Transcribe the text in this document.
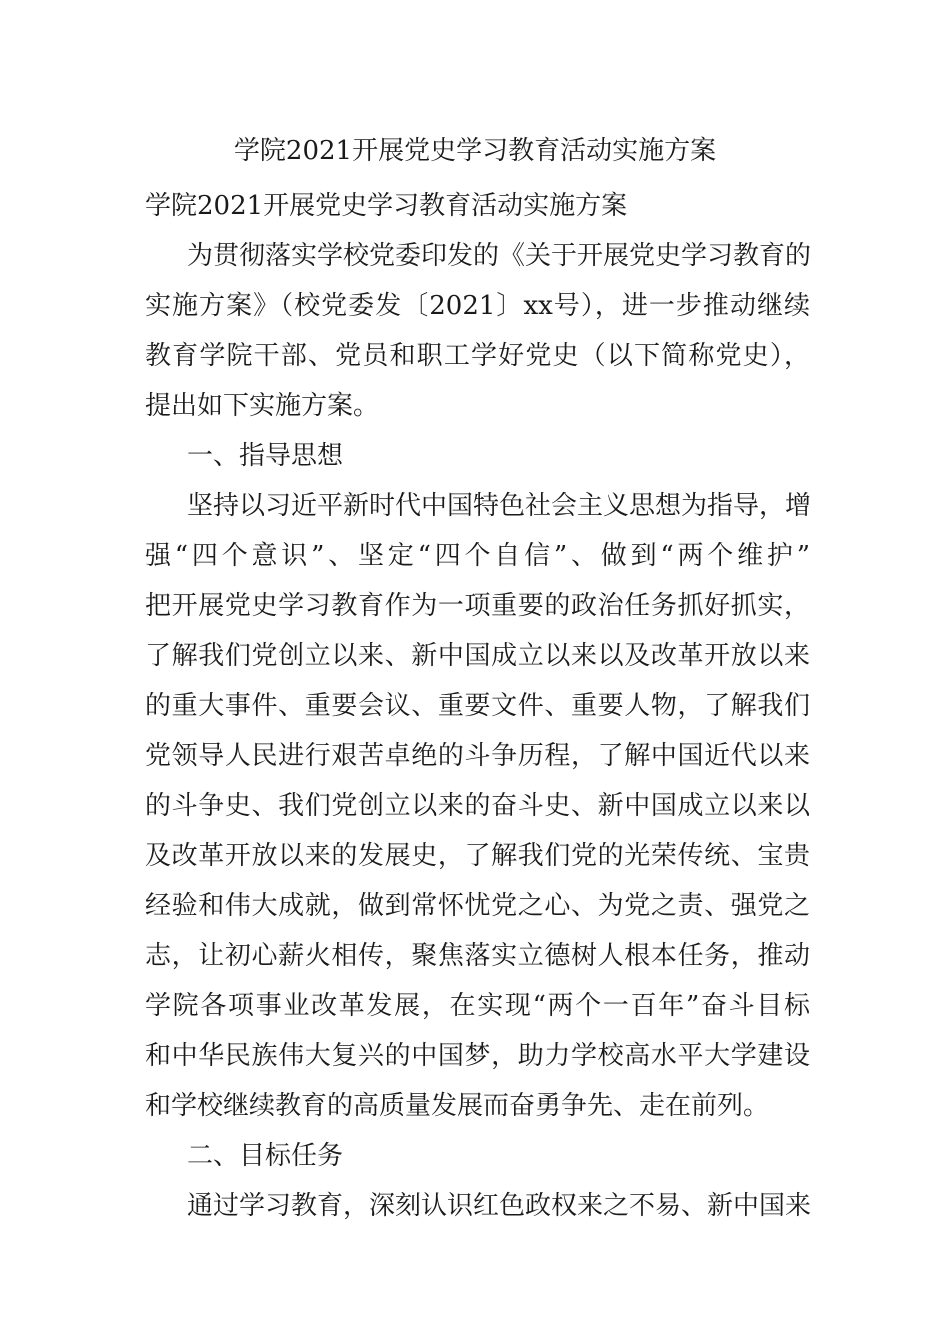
学院2021开展党史学习教育活动实施方案
学院2021开展党史学习教育活动实施方案
为贯彻落实学校党委印发的《关于开展党史学习教育的
实施方案》（校党委发〔2021〕xx号），进一步推动继续
教育学院干部、党员和职工学好党史（以下简称党史），
提出如下实施方案。
一、指导思想
坚持以习近平新时代中国特色社会主义思想为指导，增
强“四个意识”、坚定“四个自信”、做到“两个维护”
把开展党史学习教育作为一项重要的政治任务抓好抓实，
了解我们党创立以来、新中国成立以来以及改革开放以来
的重大事件、重要会议、重要文件、重要人物，了解我们
党领导人民进行艰苦卓绝的斗争历程，了解中国近代以来
的斗争史、我们党创立以来的奋斗史、新中国成立以来以
及改革开放以来的发展史，了解我们党的光荣传统、宝贵
经验和伟大成就，做到常怀忧党之心、为党之责、强党之
志，让初心薪火相传，聚焦落实立德树人根本任务，推动
学院各项事业改革发展，在实现“两个一百年”奋斗目标
和中华民族伟大复兴的中国梦，助力学校高水平大学建设
和学校继续教育的高质量发展而奋勇争先、走在前列。
二、目标任务
通过学习教育，深刻认识红色政权来之不易、新中国来
